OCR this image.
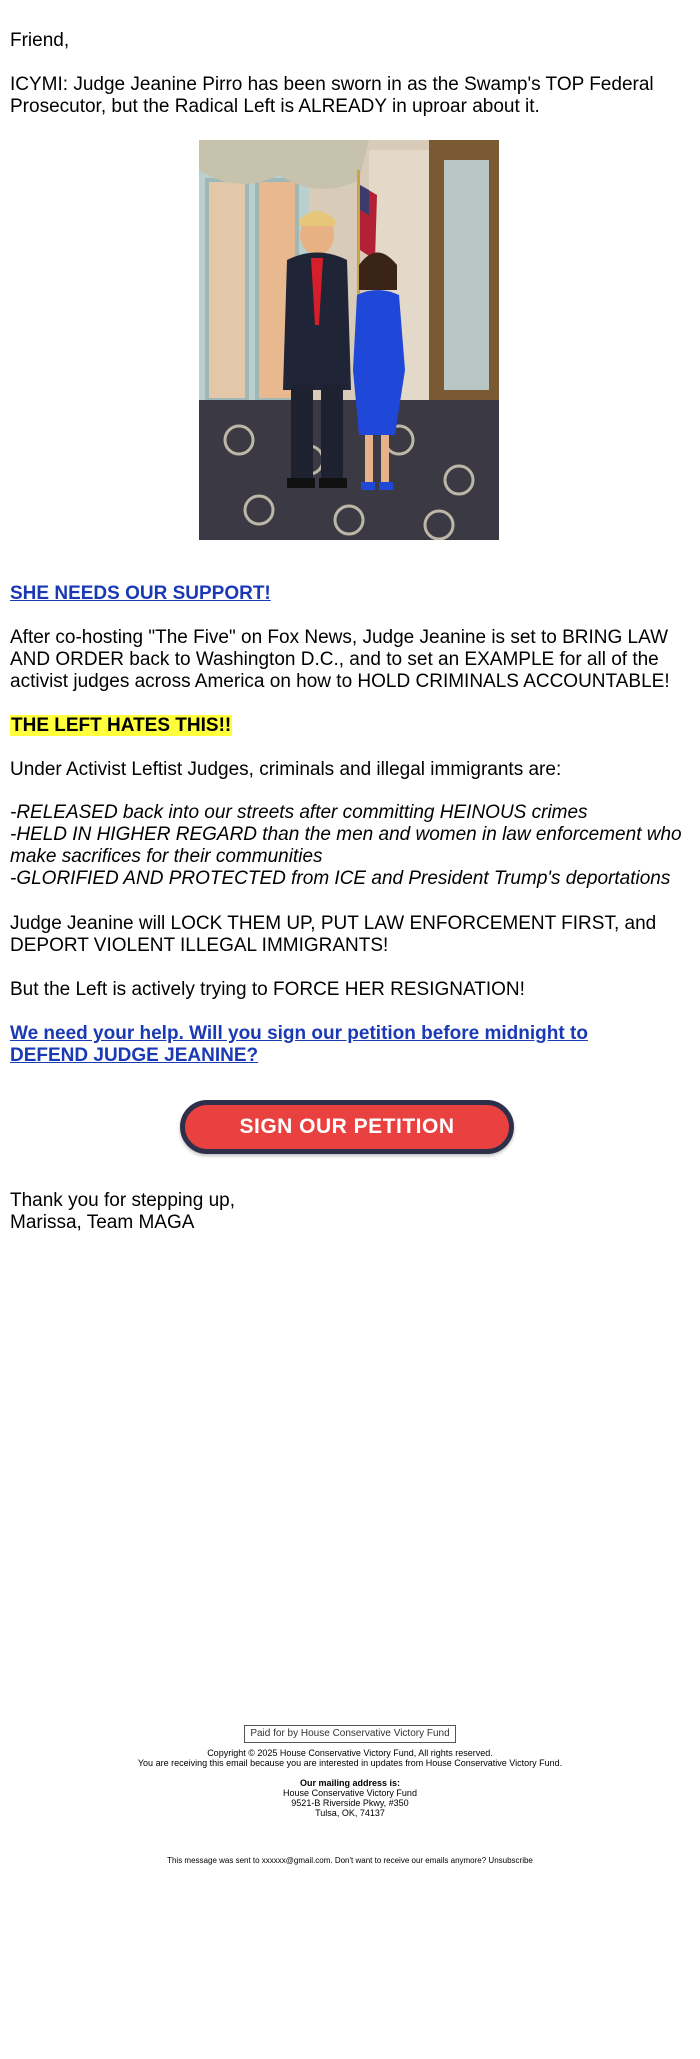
Friend,
ICYMI: Judge Jeanine Pirro has been sworn in as the Swamp's TOP Federal Prosecutor, but the Radical Left is ALREADY in uproar about it.
SHE NEEDS OUR SUPPORT!
After co-hosting "The Five" on Fox News, Judge Jeanine is set to BRING LAW AND ORDER back to Washington D.C., and to set an EXAMPLE for all of the activist judges across America on how to HOLD CRIMINALS ACCOUNTABLE!
THE LEFT HATES THIS!!
Under Activist Leftist Judges, criminals and illegal immigrants are:
-RELEASED back into our streets after committing HEINOUS crimes
-HELD IN HIGHER REGARD than the men and women in law enforcement who make sacrifices for their communities
-GLORIFIED AND PROTECTED from ICE and President Trump's deportations
Judge Jeanine will LOCK THEM UP, PUT LAW ENFORCEMENT FIRST, and DEPORT VIOLENT ILLEGAL IMMIGRANTS!
But the Left is actively trying to FORCE HER RESIGNATION!
We need your help. Will you sign our petition before midnight to DEFEND JUDGE JEANINE?
SIGN OUR PETITION
Thank you for stepping up,
Marissa, Team MAGA
Paid for by House Conservative Victory Fund
Copyright © 2025 House Conservative Victory Fund, All rights reserved.
You are receiving this email because you are interested in updates from House Conservative Victory Fund.
Our mailing address is:
House Conservative Victory Fund
9521-B Riverside Pkwy, #350
Tulsa, OK, 74137
This message was sent to xxxxxx@gmail.com. Don't want to receive our emails anymore? Unsubscribe
